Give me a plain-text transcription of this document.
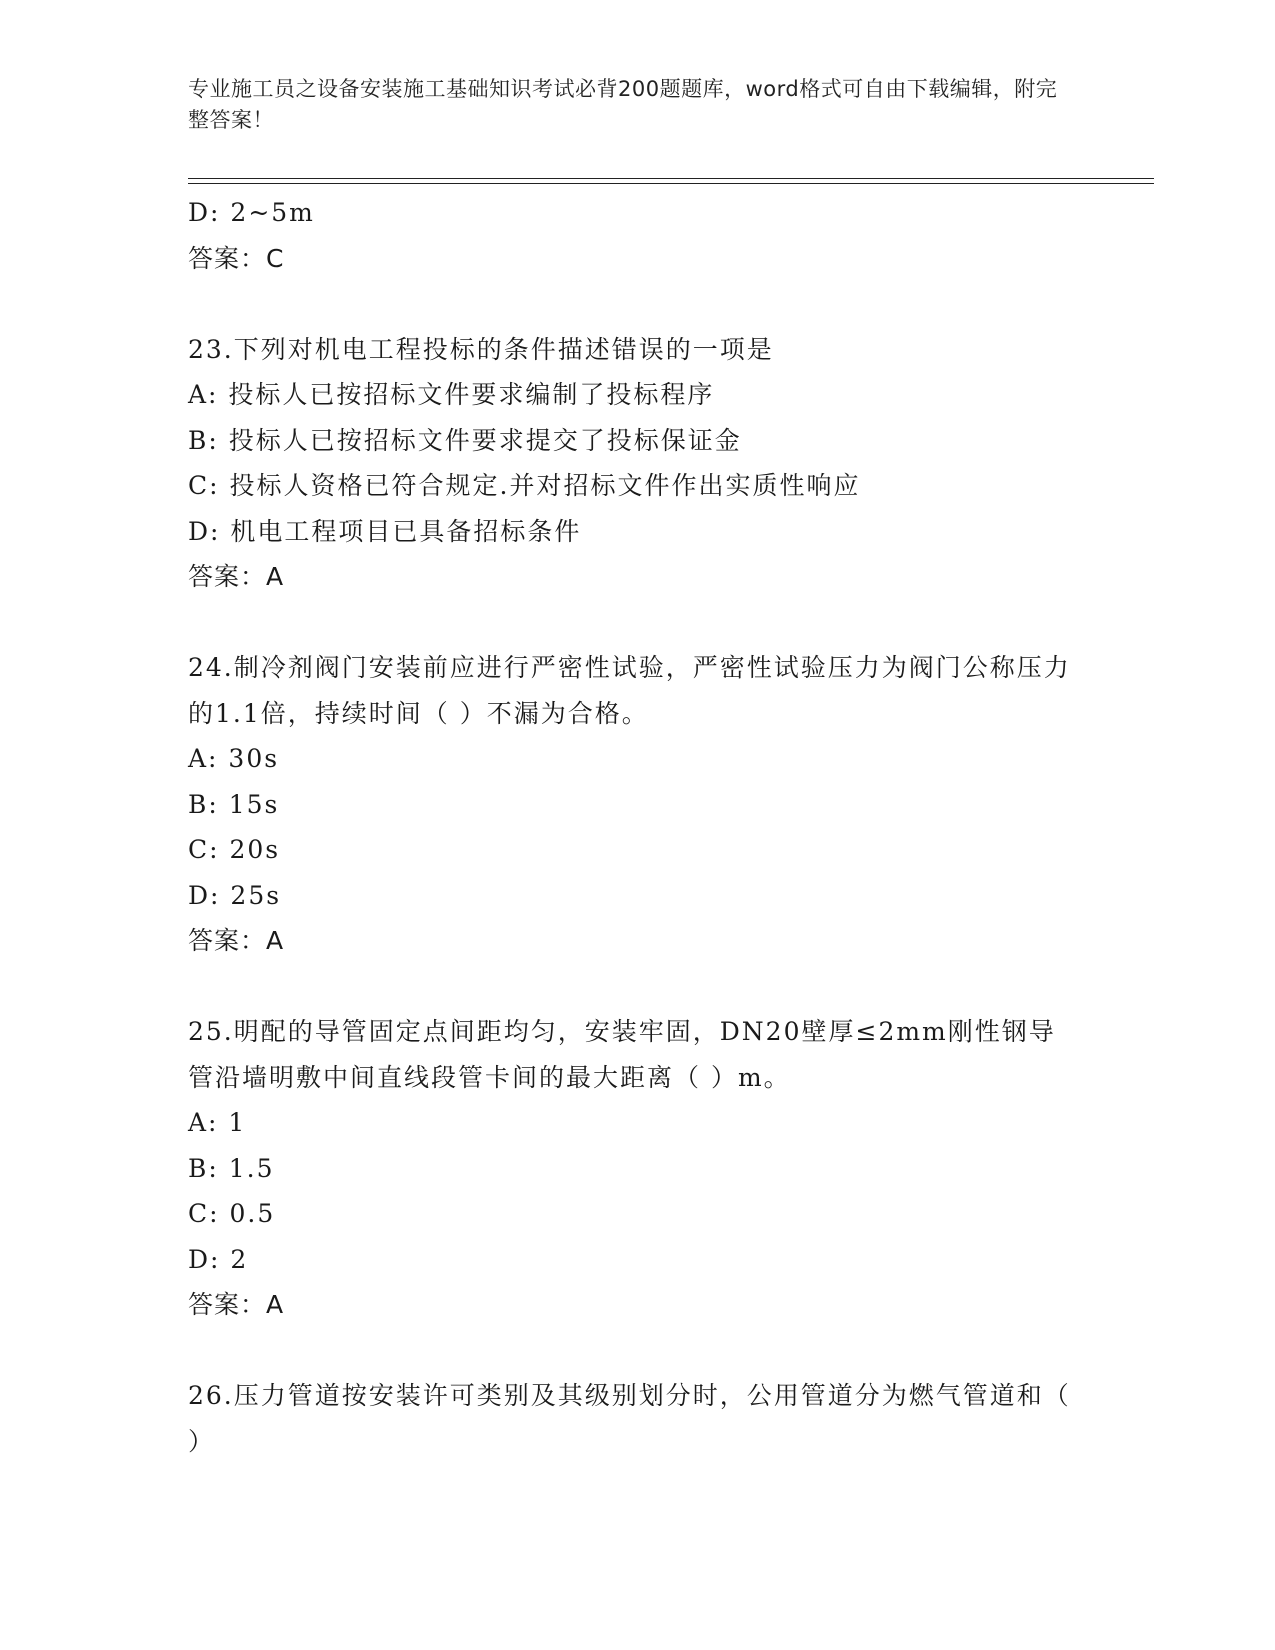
专业施工员之设备安装施工基础知识考试必背200题题库，word格式可自由下载编辑，附完整答案！
D: 2~5m
答案：C
23.下列对机电工程投标的条件描述错误的一项是
A: 投标人已按招标文件要求编制了投标程序
B: 投标人已按招标文件要求提交了投标保证金
C: 投标人资格已符合规定.并对招标文件作出实质性响应
D: 机电工程项目已具备招标条件
答案：A
24.制冷剂阀门安装前应进行严密性试验，严密性试验压力为阀门公称压力的1.1倍，持续时间（ ）不漏为合格。
A: 30s
B: 15s
C: 20s
D: 25s
答案：A
25.明配的导管固定点间距均匀，安装牢固，DN20壁厚≤2mm刚性钢导管沿墙明敷中间直线段管卡间的最大距离（ ）m。
A: 1
B: 1.5
C: 0.5
D: 2
答案：A
26.压力管道按安装许可类别及其级别划分时，公用管道分为燃气管道和（ ）
